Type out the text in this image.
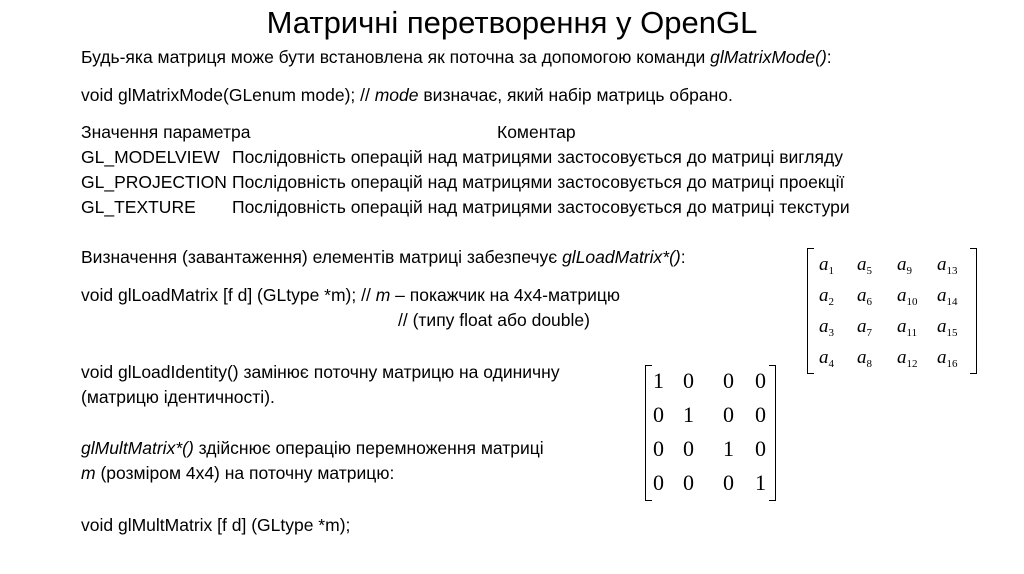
Матричні перетворення у OpenGL
Будь-яка матриця може бути встановлена як поточна за допомогою команди glMatrixMode():
void glMatrixMode(GLenum mode); // mode визначає, який набір матриць обрано.
Значення параметра	Коментар
GL_MODELVIEW Послідовність операцій над матрицями застосовується до матриці вигляду
GL_PROJECTION Послідовність операцій над матрицями застосовується до матриці проекції
GL_TEXTURE Послідовність операцій над матрицями застосовується до матриці текстури
Визначення (завантаження) елементів матриці забезпечує glLoadMatrix*():
void glLoadMatrix [f d] (GLtype *m); // m – покажчик на 4х4-матрицю
// (типу float або double)
void glLoadIdentity() замінює поточну матрицю на одиничну
(матрицю ідентичності).
glMultMatrix*() здійснює операцію перемноження матриці
m (розміром 4х4) на поточну матрицю:
void glMultMatrix [f d] (GLtype *m);
$a_1$ $a_5$ $a_9$ $a_{13}$
$a_2$ $a_6$ $a_{10}$ $a_{14}$
$a_3$ $a_7$ $a_{11}$ $a_{15}$
$a_4$ $a_8$ $a_{12}$ $a_{16}$
1 0 0 0
0 1 0 0
0 0 1 0
0 0 0 1
